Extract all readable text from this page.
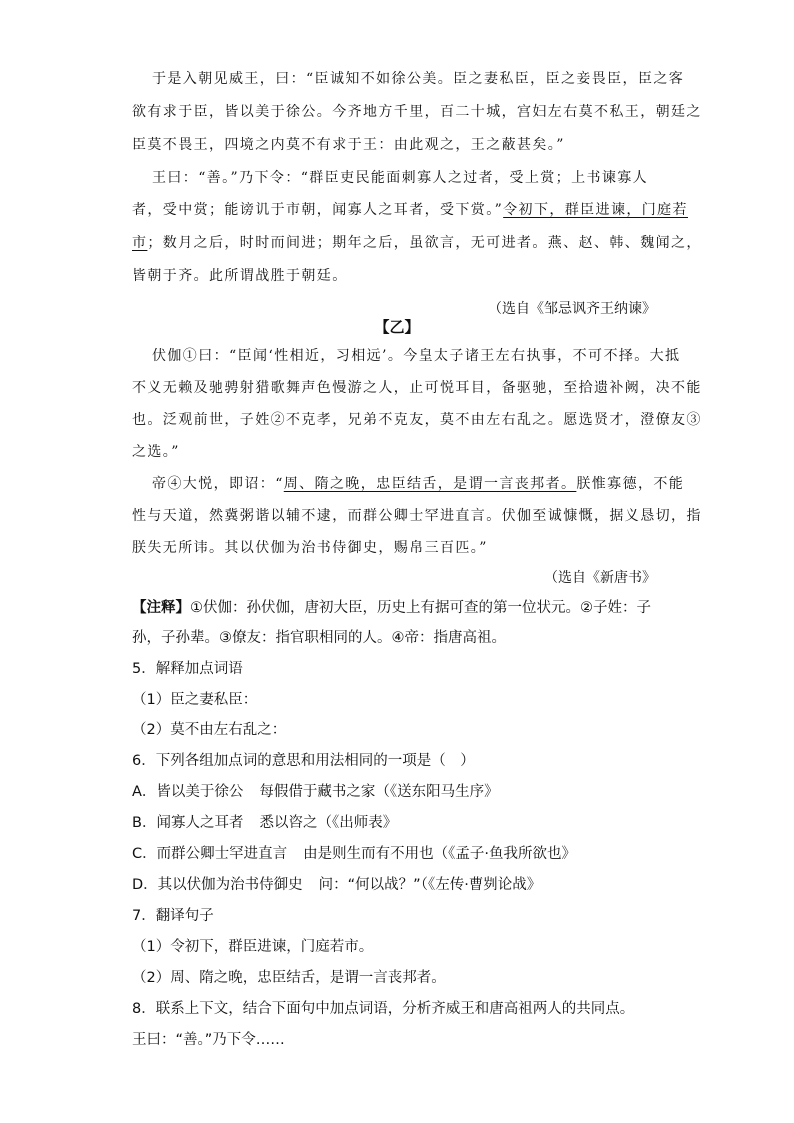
于是入朝见威王，曰：“臣诚知不如徐公美。臣之妻私臣，臣之妾畏臣，臣之客
欲有求于臣，皆以美于徐公。今齐地方千里，百二十城，宫妇左右莫不私王，朝廷之
臣莫不畏王，四境之内莫不有求于王：由此观之，王之蔽甚矣。”
王曰：“善。”乃下令：“群臣吏民能面刺寡人之过者，受上赏；上书谏寡人
者，受中赏；能谤讥于市朝，闻寡人之耳者，受下赏。”令初下，群臣进谏，门庭若
市；数月之后，时时而间进；期年之后，虽欲言，无可进者。燕、赵、韩、魏闻之，
皆朝于齐。此所谓战胜于朝廷。
（选自《邹忌讽齐王纳谏》
【乙】
伏伽①曰：“臣闻‘性相近，习相远’。今皇太子诸王左右执事，不可不择。大抵
不义无赖及驰骋射猎歌舞声色慢游之人，止可悦耳目，备驱驰，至拾遗补阙，决不能
也。泛观前世，子姓②不克孝，兄弟不克友，莫不由左右乱之。愿选贤才，澄僚友③
之选。”
帝④大悦，即诏：“周、隋之晚，忠臣结舌，是谓一言丧邦者。朕惟寡德，不能
性与天道，然冀粥谐以辅不逮，而群公卿士罕进直言。伏伽至诚慷慨，据义恳切，指
朕失无所讳。其以伏伽为治书侍御史，赐帛三百匹。”
（选自《新唐书》
【注释】①伏伽：孙伏伽，唐初大臣，历史上有据可查的第一位状元。②子姓：子
孙，子孙辈。③僚友：指官职相同的人。④帝：指唐高祖。
5．解释加点词语
（1）臣之妻私臣：
（2）莫不由左右乱之：
6．下列各组加点词的意思和用法相同的一项是（　）
A．皆以美于徐公 每假借于藏书之家（《送东阳马生序》
B．闻寡人之耳者 悉以咨之（《出师表》
C．而群公卿士罕进直言 由是则生而有不用也（《孟子·鱼我所欲也》
D．其以伏伽为治书侍御史 问：“何以战？”（《左传·曹刿论战》
7．翻译句子
（1）令初下，群臣进谏，门庭若市。
（2）周、隋之晚，忠臣结舌，是谓一言丧邦者。
8．联系上下文，结合下面句中加点词语，分析齐威王和唐高祖两人的共同点。
王曰：“善。”乃下令……
